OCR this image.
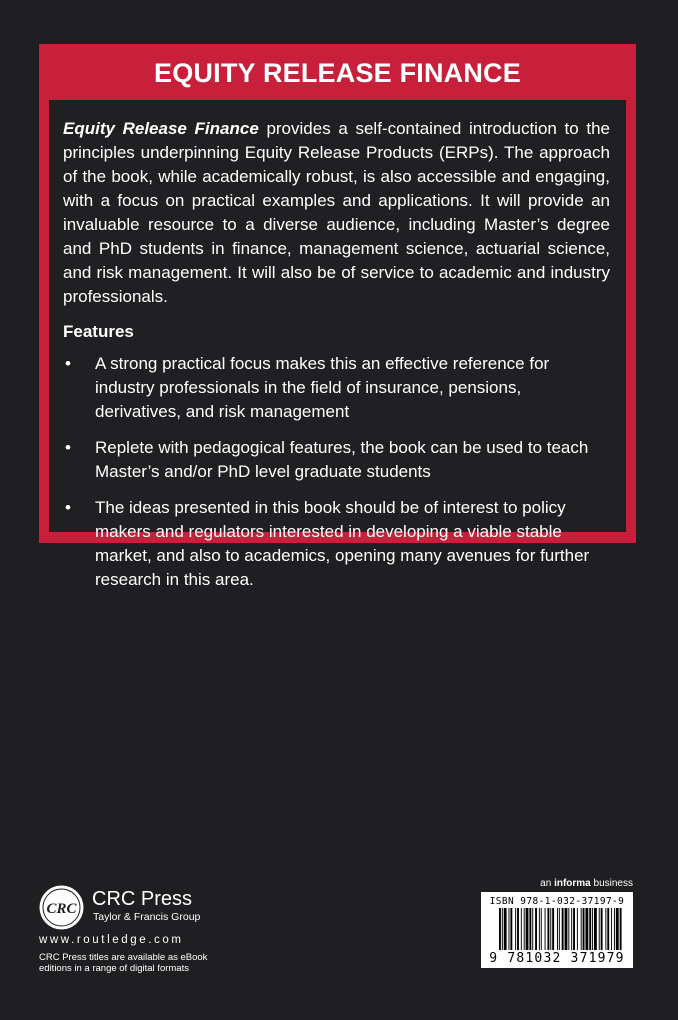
EQUITY RELEASE FINANCE

Equity Release Finance provides a self-contained introduction to the principles underpinning Equity Release Products (ERPs). The approach of the book, while academically robust, is also accessible and engaging, with a focus on practical examples and applications. It will provide an invaluable resource to a diverse audience, including Master’s degree and PhD students in finance, management science, actuarial science, and risk management. It will also be of service to academic and industry professionals.

Features
• A strong practical focus makes this an effective reference for industry professionals in the field of insurance, pensions, derivatives, and risk management
• Replete with pedagogical features, the book can be used to teach Master’s and/or PhD level graduate students
• The ideas presented in this book should be of interest to policy makers and regulators interested in developing a viable stable market, and also to academics, opening many avenues for further research in this area.
CRC CRC Press
Taylor & Francis Group
www.routledge.com
CRC Press titles are available as eBook editions in a range of digital formats
an informa business
ISBN 978-1-032-37197-9
9 781032 371979
